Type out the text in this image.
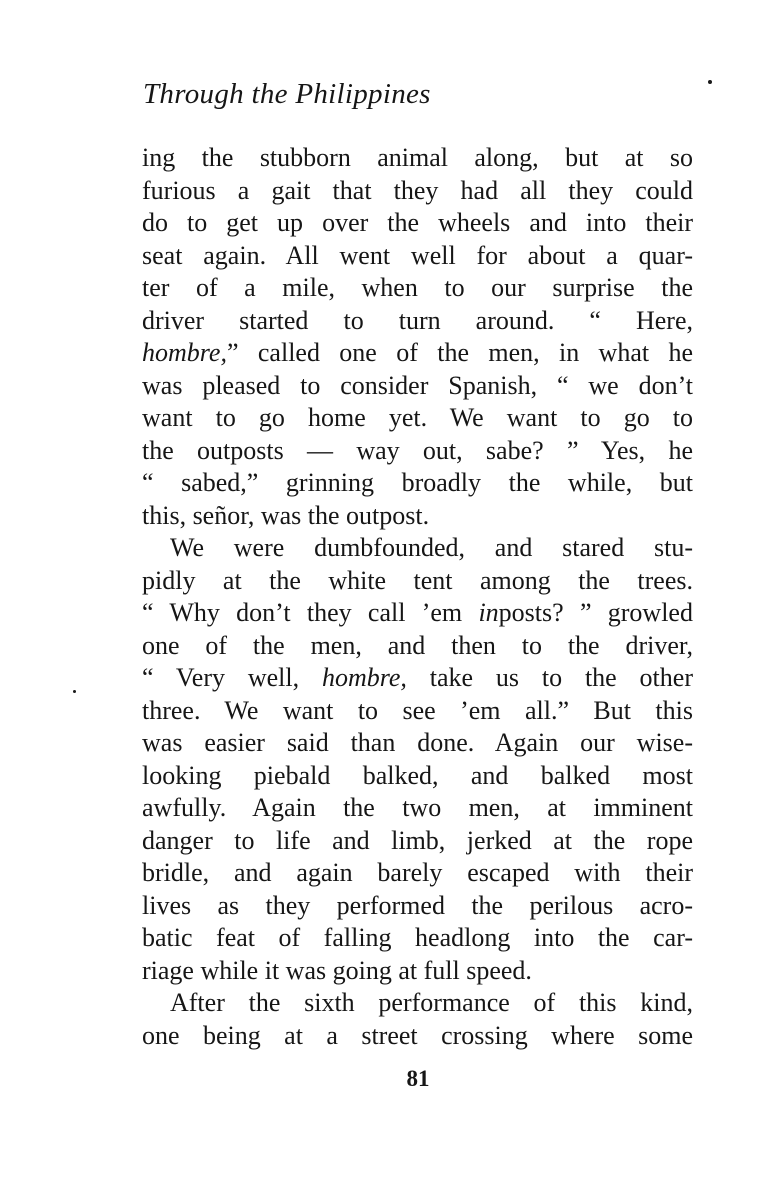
Through the Philippines
ing the stubborn animal along, but at so
furious a gait that they had all they could
do to get up over the wheels and into their
seat again. All went well for about a quar-
ter of a mile, when to our surprise the
driver started to turn around. “ Here,
hombre,” called one of the men, in what he
was pleased to consider Spanish, “ we don’t
want to go home yet. We want to go to
the outposts — way out, sabe? ” Yes, he
“ sabed,” grinning broadly the while, but
this, señor, was the outpost.
We were dumbfounded, and stared stu-
pidly at the white tent among the trees.
“ Why don’t they call ’em inposts? ” growled
one of the men, and then to the driver,
“ Very well, hombre, take us to the other
three. We want to see ’em all.” But this
was easier said than done. Again our wise-
looking piebald balked, and balked most
awfully. Again the two men, at imminent
danger to life and limb, jerked at the rope
bridle, and again barely escaped with their
lives as they performed the perilous acro-
batic feat of falling headlong into the car-
riage while it was going at full speed.
After the sixth performance of this kind,
one being at a street crossing where some
81
